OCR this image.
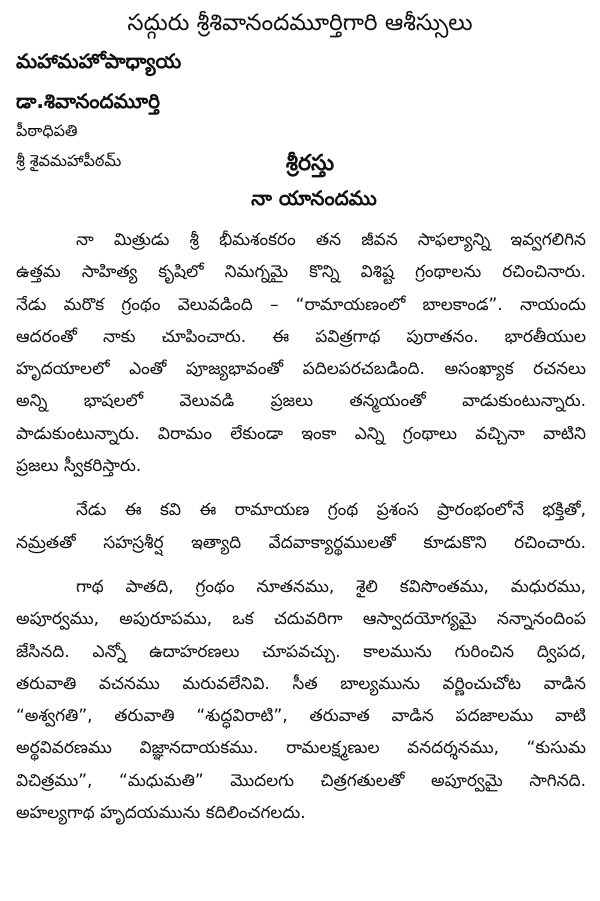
సద్గురు శ్రీశివానందమూర్తిగారి ఆశీస్సులు
మహామహోపాధ్యాయ
డా.శివానందమూర్తి
పీఠాధిపతి
శ్రీ శైవమహాపీఠమ్	శ్రీరస్తు
నా యానందము
నా మిత్రుడు శ్రీ భీమశంకరం తన జీవన సాఫల్యాన్ని ఇవ్వగలిగిన
ఉత్తమ సాహిత్య కృషిలో నిమగ్నమై కొన్ని విశిష్ట గ్రంథాలను రచించినారు.
నేడు మరొక గ్రంథం వెలువడింది – “రామాయణంలో బాలకాండ”. నాయందు
ఆదరంతో నాకు చూపించారు. ఈ పవిత్రగాథ పురాతనం. భారతీయుల
హృదయాలలో ఎంతో పూజ్యభావంతో పదిలపరచబడింది. అసంఖ్యాక రచనలు
అన్ని భాషలలో వెలువడి ప్రజలు తన్మయంతో వాడుకుంటున్నారు.
పాడుకుంటున్నారు. విరామం లేకుండా ఇంకా ఎన్ని గ్రంథాలు వచ్చినా వాటిని
ప్రజలు స్వీకరిస్తారు.
నేడు ఈ కవి ఈ రామాయణ గ్రంథ ప్రశంస ప్రారంభంలోనే భక్తితో,
నమ్రతతో సహస్రశీర్ష ఇత్యాది వేదవాక్యార్థములతో కూడుకొని రచించారు.
గాథ పాతది, గ్రంథం నూతనము, శైలి కవిసొంతము, మధురము,
అపూర్వము, అపురూపము, ఒక చదువరిగా ఆస్వాదయోగ్యమై నన్నానందింప
జేసినది. ఎన్నో ఉదాహరణలు చూపవచ్చు. కాలమును గురించిన ద్విపద,
తరువాతి వచనము మరువలేనివి. సీత బాల్యమును వర్ణించుచోట వాడిన
“అశ్వగతి”, తరువాతి “శుద్ధవిరాటి”, తరువాత వాడిన పదజాలము వాటి
అర్థవివరణము విజ్ఞానదాయకము. రామలక్ష్మణుల వనదర్శనము, “కుసుమ
విచిత్రము”, “మధుమతి” మొదలగు చిత్రగతులతో అపూర్వమై సాగినది.
అహల్యగాథ హృదయమును కదిలించగలదు.
